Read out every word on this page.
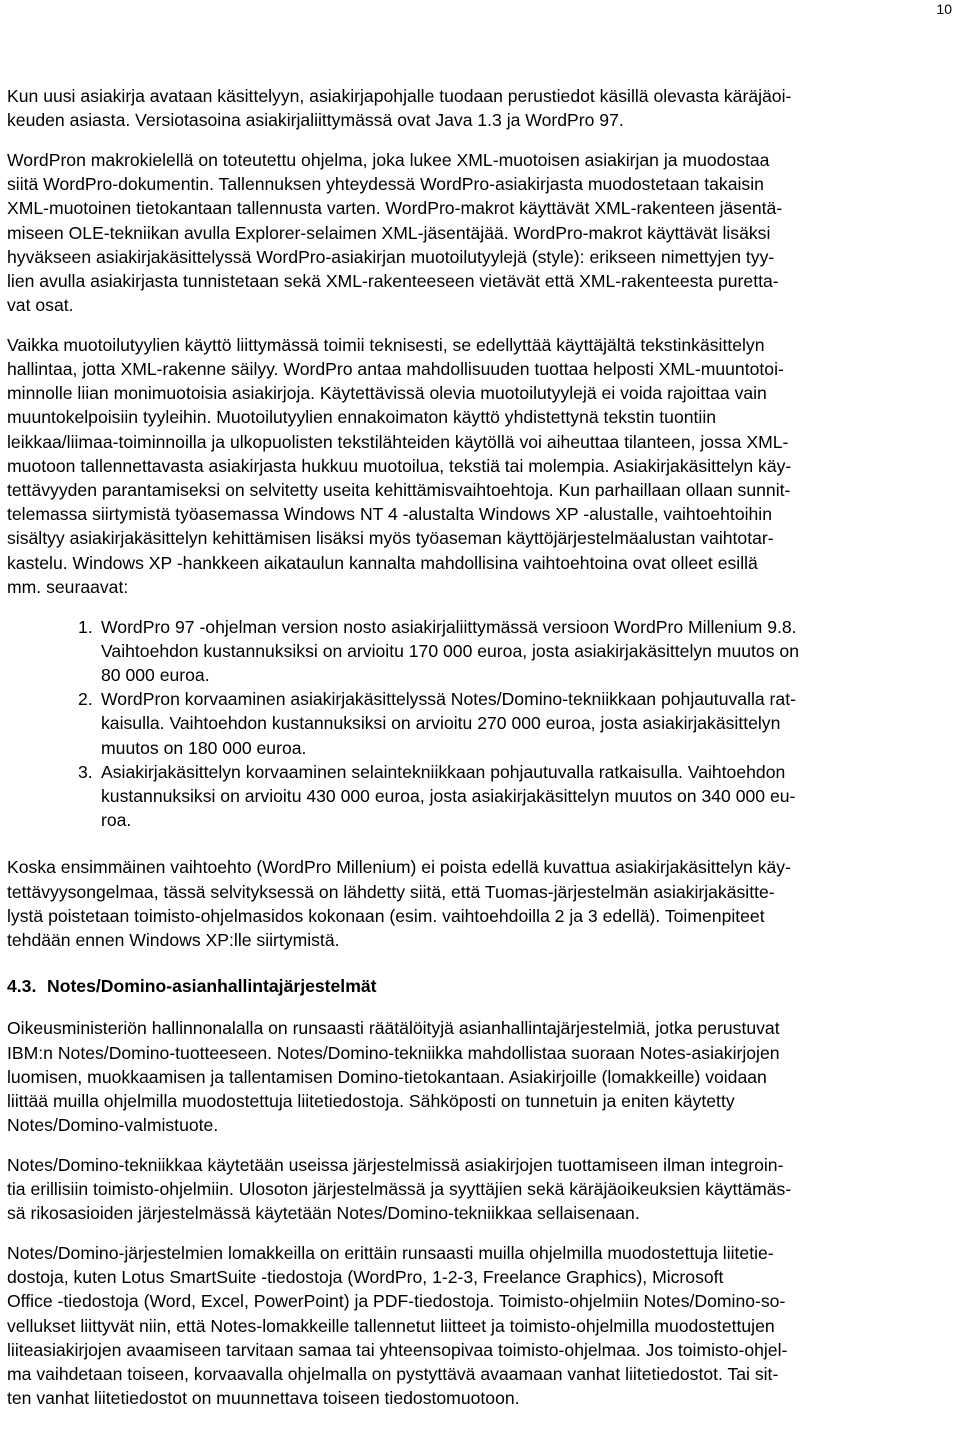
10
Kun uusi asiakirja avataan käsittelyyn, asiakirjapohjalle tuodaan perustiedot käsillä olevasta käräjäoi-
keuden asiasta. Versiotasoina asiakirjaliittymässä ovat Java 1.3 ja WordPro 97.
WordPron makrokielellä on toteutettu ohjelma, joka lukee XML-muotoisen asiakirjan ja muodostaa
siitä WordPro-dokumentin. Tallennuksen yhteydessä WordPro-asiakirjasta muodostetaan takaisin
XML-muotoinen tietokantaan tallennusta varten. WordPro-makrot käyttävät XML-rakenteen jäsentä-
miseen OLE-tekniikan avulla Explorer-selaimen XML-jäsentäjää. WordPro-makrot käyttävät lisäksi
hyväkseen asiakirjakäsittelyssä WordPro-asiakirjan muotoilutyylejä (style): erikseen nimettyjen tyy-
lien avulla asiakirjasta tunnistetaan sekä XML-rakenteeseen vietävät että XML-rakenteesta puretta-
vat osat.
Vaikka muotoilutyylien käyttö liittymässä toimii teknisesti, se edellyttää käyttäjältä tekstinkäsittelyn
hallintaa, jotta XML-rakenne säilyy. WordPro antaa mahdollisuuden tuottaa helposti XML-muuntotoi-
minnolle liian monimuotoisia asiakirjoja. Käytettävissä olevia muotoilutyylejä ei voida rajoittaa vain
muuntokelpoisiin tyyleihin. Muotoilutyylien ennakoimaton käyttö yhdistettynä tekstin tuontiin
leikkaa/liimaa-toiminnoilla ja ulkopuolisten tekstilähteiden käytöllä voi aiheuttaa tilanteen, jossa XML-
muotoon tallennettavasta asiakirjasta hukkuu muotoilua, tekstiä tai molempia. Asiakirjakäsittelyn käy-
tettävyyden parantamiseksi on selvitetty useita kehittämisvaihtoehtoja. Kun parhaillaan ollaan sunnit-
telemassa siirtymistä työasemassa Windows NT 4 -alustalta Windows XP -alustalle, vaihtoehtoihin
sisältyy asiakirjakäsittelyn kehittämisen lisäksi myös työaseman käyttöjärjestelmäalustan vaihtotar-
kastelu. Windows XP -hankkeen aikataulun kannalta mahdollisina vaihtoehtoina ovat olleet esillä
mm. seuraavat:
1. WordPro 97 -ohjelman version nosto asiakirjaliittymässä versioon WordPro Millenium 9.8.
Vaihtoehdon kustannuksiksi on arvioitu 170 000 euroa, josta asiakirjakäsittelyn muutos on
80 000 euroa.
2. WordPron korvaaminen asiakirjakäsittelyssä Notes/Domino-tekniikkaan pohjautuvalla rat-
kaisulla. Vaihtoehdon kustannuksiksi on arvioitu 270 000 euroa, josta asiakirjakäsittelyn
muutos on 180 000 euroa.
3. Asiakirjakäsittelyn korvaaminen selaintekniikkaan pohjautuvalla ratkaisulla. Vaihtoehdon
kustannuksiksi on arvioitu 430 000 euroa, josta asiakirjakäsittelyn muutos on 340 000 eu-
roa.
Koska ensimmäinen vaihtoehto (WordPro Millenium) ei poista edellä kuvattua asiakirjakäsittelyn käy-
tettävyysongelmaa, tässä selvityksessä on lähdetty siitä, että Tuomas-järjestelmän asiakirjakäsitte-
lystä poistetaan toimisto-ohjelmasidos kokonaan (esim. vaihtoehdoilla 2 ja 3 edellä). Toimenpiteet
tehdään ennen Windows XP:lle siirtymistä.
4.3. Notes/Domino-asianhallintajärjestelmät
Oikeusministeriön hallinnonalalla on runsaasti räätälöityjä asianhallintajärjestelmiä, jotka perustuvat
IBM:n Notes/Domino-tuotteeseen. Notes/Domino-tekniikka mahdollistaa suoraan Notes-asiakirjojen
luomisen, muokkaamisen ja tallentamisen Domino-tietokantaan. Asiakirjoille (lomakkeille) voidaan
liittää muilla ohjelmilla muodostettuja liitetiedostoja. Sähköposti on tunnetuin ja eniten käytetty
Notes/Domino-valmistuote.
Notes/Domino-tekniikkaa käytetään useissa järjestelmissä asiakirjojen tuottamiseen ilman integroin-
tia erillisiin toimisto-ohjelmiin. Ulosoton järjestelmässä ja syyttäjien sekä käräjäoikeuksien käyttämäs-
sä rikosasioiden järjestelmässä käytetään Notes/Domino-tekniikkaa sellaisenaan.
Notes/Domino-järjestelmien lomakkeilla on erittäin runsaasti muilla ohjelmilla muodostettuja liitetie-
dostoja, kuten Lotus SmartSuite -tiedostoja (WordPro, 1-2-3, Freelance Graphics), Microsoft
Office -tiedostoja (Word, Excel, PowerPoint) ja PDF-tiedostoja. Toimisto-ohjelmiin Notes/Domino-so-
vellukset liittyvät niin, että Notes-lomakkeille tallennetut liitteet ja toimisto-ohjelmilla muodostettujen
liiteasiakirjojen avaamiseen tarvitaan samaa tai yhteensopivaa toimisto-ohjelmaa. Jos toimisto-ohjel-
ma vaihdetaan toiseen, korvaavalla ohjelmalla on pystyttävä avaamaan vanhat liitetiedostot. Tai sit-
ten vanhat liitetiedostot on muunnettava toiseen tiedostomuotoon.
